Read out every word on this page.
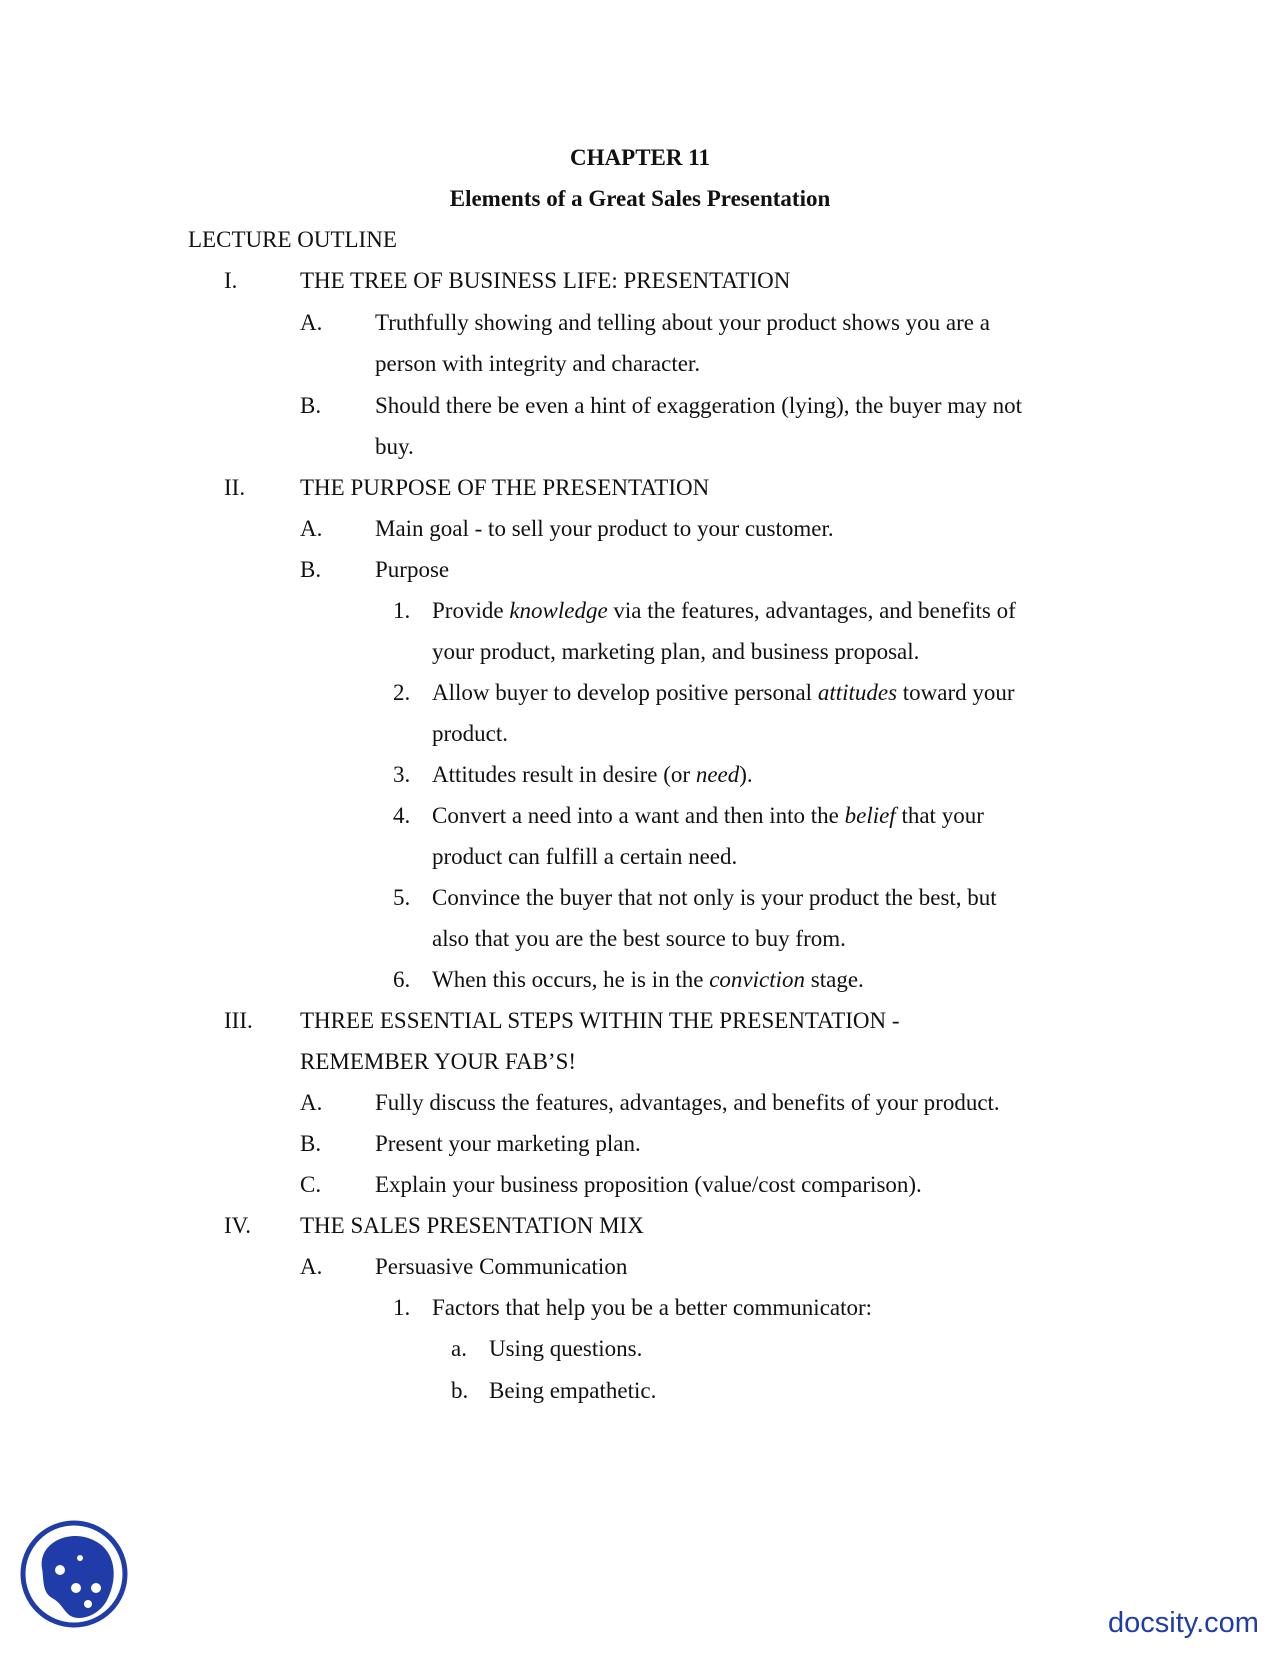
CHAPTER 11
Elements of a Great Sales Presentation
LECTURE OUTLINE
I.	THE TREE OF BUSINESS LIFE: PRESENTATION
A. Truthfully showing and telling about your product shows you are a
person with integrity and character.
B. Should there be even a hint of exaggeration (lying), the buyer may not
buy.
II. THE PURPOSE OF THE PRESENTATION
A. Main goal - to sell your product to your customer.
B. Purpose
1. Provide knowledge via the features, advantages, and benefits of
your product, marketing plan, and business proposal.
2. Allow buyer to develop positive personal attitudes toward your
product.
3. Attitudes result in desire (or need).
4. Convert a need into a want and then into the belief that your
product can fulfill a certain need.
5. Convince the buyer that not only is your product the best, but
also that you are the best source to buy from.
6. When this occurs, he is in the conviction stage.
III. THREE ESSENTIAL STEPS WITHIN THE PRESENTATION -
REMEMBER YOUR FAB’S!
A. Fully discuss the features, advantages, and benefits of your product.
B. Present your marketing plan.
C. Explain your business proposition (value/cost comparison).
IV. THE SALES PRESENTATION MIX
A. Persuasive Communication
1. Factors that help you be a better communicator:
a. Using questions.
b. Being empathetic.
docsity.com
